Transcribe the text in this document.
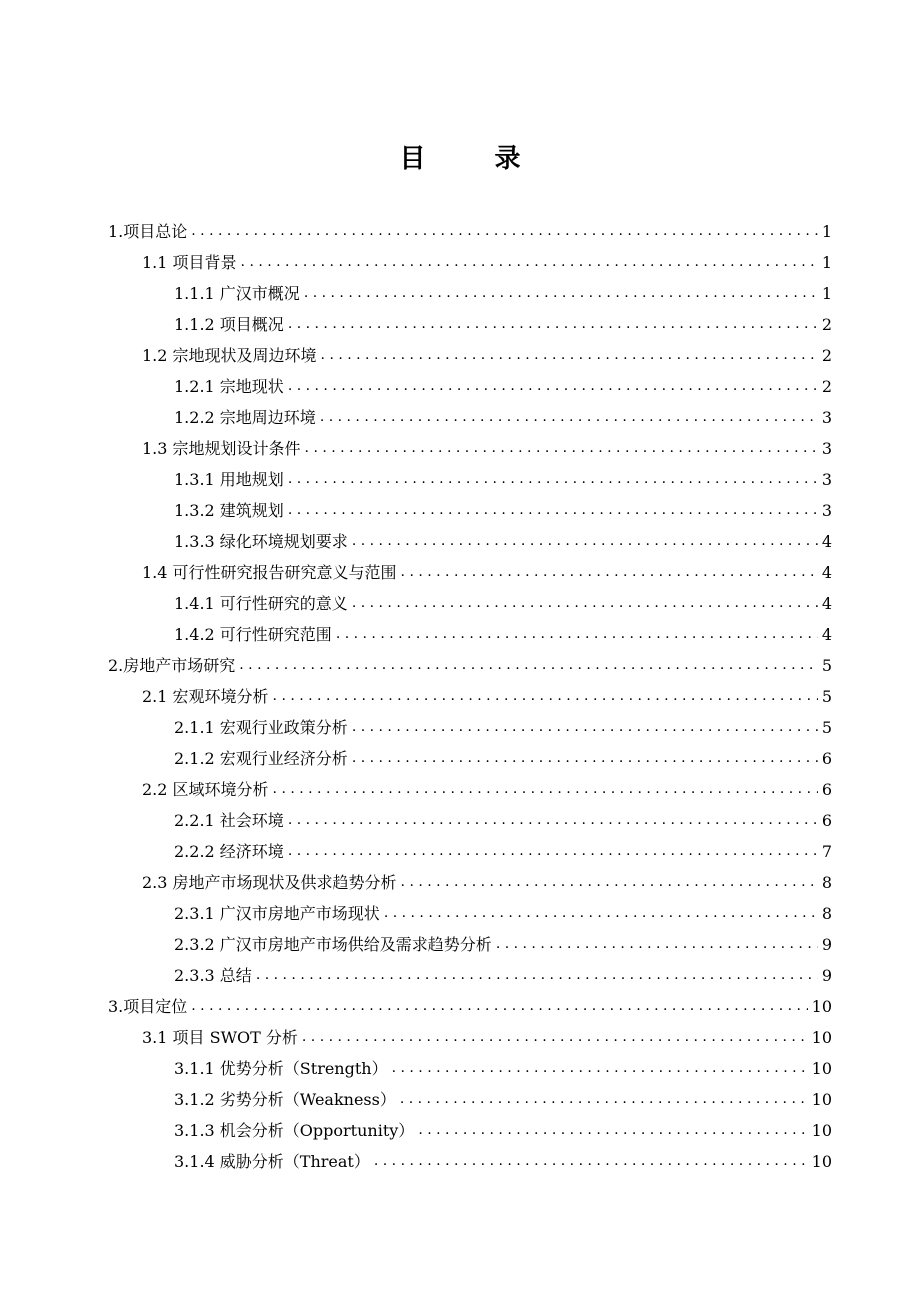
目 录
1.项目总论 . . .	1
1.1 项目背景 . . .	1
1.1.1 广汉市概况 . . .	1
1.1.2 项目概况 . . .	2
1.2 宗地现状及周边环境 . . .	2
1.2.1 宗地现状 . . .	2
1.2.2 宗地周边环境 . . .	3
1.3 宗地规划设计条件 . . .	3
1.3.1 用地规划 . . .	3
1.3.2 建筑规划 . . .	3
1.3.3 绿化环境规划要求 . . .	4
1.4 可行性研究报告研究意义与范围 . . .	4
1.4.1 可行性研究的意义 . . .	4
1.4.2 可行性研究范围 . . .	4
2.房地产市场研究 . . .	5
2.1 宏观环境分析 . . .	5
2.1.1 宏观行业政策分析 . . .	5
2.1.2 宏观行业经济分析 . . .	6
2.2 区域环境分析 . . .	6
2.2.1 社会环境 . . .	6
2.2.2 经济环境 . . .	7
2.3 房地产市场现状及供求趋势分析 . . .	8
2.3.1 广汉市房地产市场现状 . . .	8
2.3.2 广汉市房地产市场供给及需求趋势分析 . . .	9
2.3.3 总结 . . .	9
3.项目定位 . . .	10
3.1 项目 SWOT 分析 . . .	10
3.1.1 优势分析（Strength） . . .	10
3.1.2 劣势分析（Weakness） . . .	10
3.1.3 机会分析（Opportunity） . . .	10
3.1.4 威胁分析（Threat） . . .	10
